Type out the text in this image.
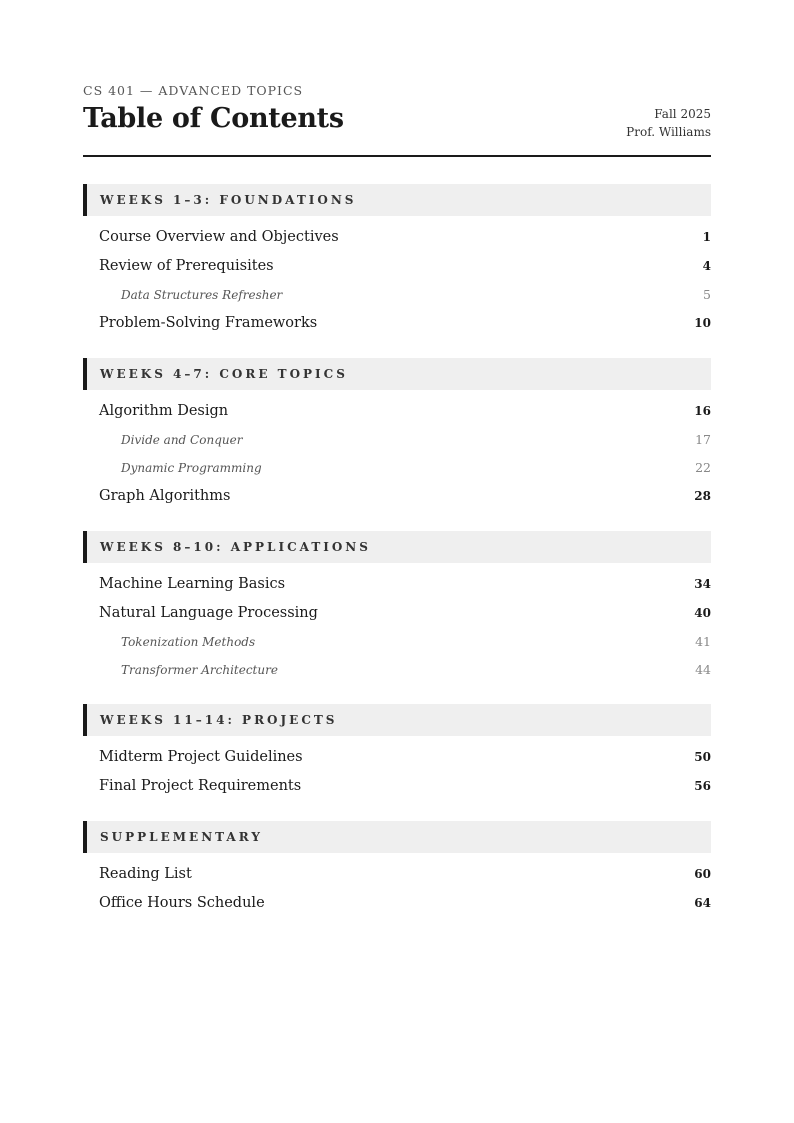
CS 401 — ADVANCED TOPICS
Table of Contents	Fall 2025
Prof. Williams
WEEKS 1–3: FOUNDATIONS
Course Overview and Objectives	1
Review of Prerequisites	4
Data Structures Refresher	5
Problem-Solving Frameworks	10
WEEKS 4–7: CORE TOPICS
Algorithm Design	16
Divide and Conquer	17
Dynamic Programming	22
Graph Algorithms	28
WEEKS 8–10: APPLICATIONS
Machine Learning Basics	34
Natural Language Processing	40
Tokenization Methods	41
Transformer Architecture	44
WEEKS 11–14: PROJECTS
Midterm Project Guidelines	50
Final Project Requirements	56
SUPPLEMENTARY
Reading List	60
Office Hours Schedule	64
